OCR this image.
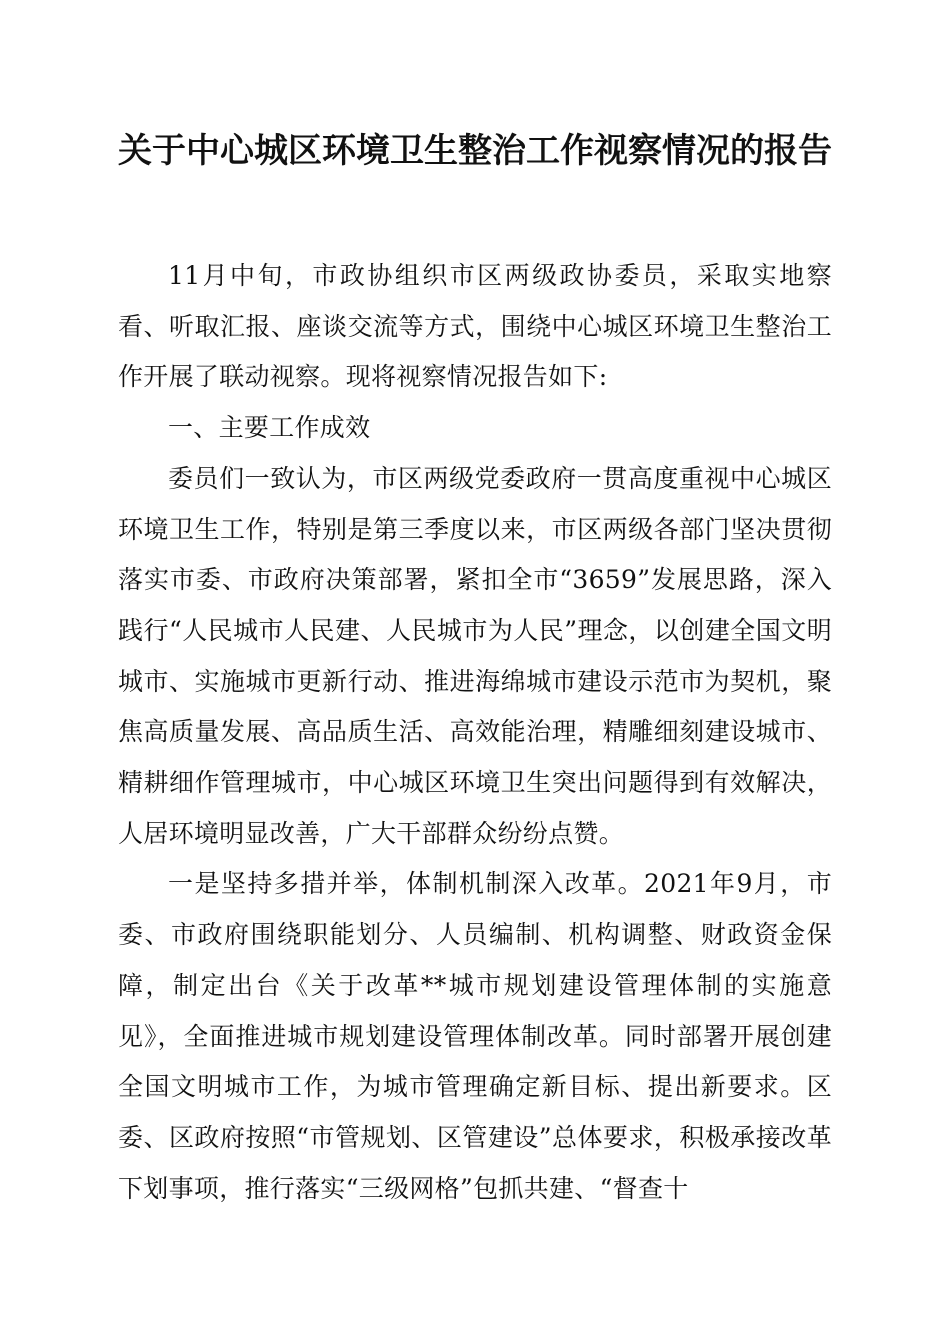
关于中心城区环境卫生整治工作视察情况的报告

11月中旬，市政协组织市区两级政协委员，采取实地察看、听取汇报、座谈交流等方式，围绕中心城区环境卫生整治工作开展了联动视察。现将视察情况报告如下:

一、主要工作成效

委员们一致认为，市区两级党委政府一贯高度重视中心城区环境卫生工作，特别是第三季度以来，市区两级各部门坚决贯彻落实市委、市政府决策部署，紧扣全市“3659”发展思路，深入践行“人民城市人民建、人民城市为人民”理念，以创建全国文明城市、实施城市更新行动、推进海绵城市建设示范市为契机，聚焦高质量发展、高品质生活、高效能治理，精雕细刻建设城市、精耕细作管理城市，中心城区环境卫生突出问题得到有效解决，人居环境明显改善，广大干部群众纷纷点赞。

一是坚持多措并举，体制机制深入改革。2021年9月，市委、市政府围绕职能划分、人员编制、机构调整、财政资金保障，制定出台《关于改革**城市规划建设管理体制的实施意见》，全面推进城市规划建设管理体制改革。同时部署开展创建全国文明城市工作，为城市管理确定新目标、提出新要求。区委、区政府按照“市管规划、区管建设”总体要求，积极承接改革下划事项，推行落实“三级网格”包抓共建、“督查十
